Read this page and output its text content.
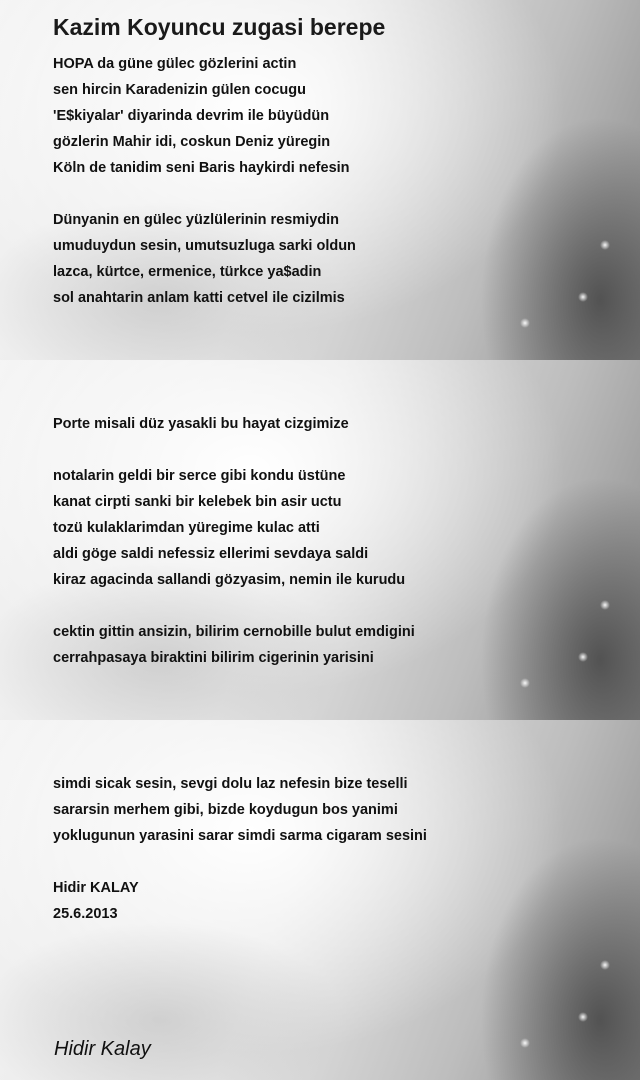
Kazim Koyuncu zugasi berepe
HOPA da güne gülec gözlerini actin
sen hircin Karadenizin gülen cocugu
'E$kiyalar' diyarinda devrim ile büyüdün
gözlerin Mahir idi, coskun Deniz yüregin
Köln de tanidim seni Baris haykirdi nefesin
Dünyanin en gülec yüzlülerinin resmiydin
umuduydun sesin, umutsuzluga sarki oldun
lazca, kürtce, ermenice, türkce ya$adin
sol anahtarin anlam katti cetvel ile cizilmis
Porte misali düz yasakli bu hayat cizgimize
notalarin geldi bir serce gibi kondu üstüne
kanat cirpti sanki bir kelebek bin asir uctu
tozü kulaklarimdan yüregime kulac atti
aldi göge saldi nefessiz ellerimi sevdaya saldi
kiraz agacinda sallandi gözyasim, nemin ile kurudu
cektin gittin ansizin, bilirim cernobille bulut emdigini
cerrahpasaya biraktini bilirim cigerinin yarisini
simdi sicak sesin, sevgi dolu laz nefesin bize teselli
sararsin merhem gibi, bizde koydugun bos yanimi
yoklugunun yarasini sarar simdi sarma cigaram sesini
Hidir KALAY
25.6.2013
Hidir Kalay
